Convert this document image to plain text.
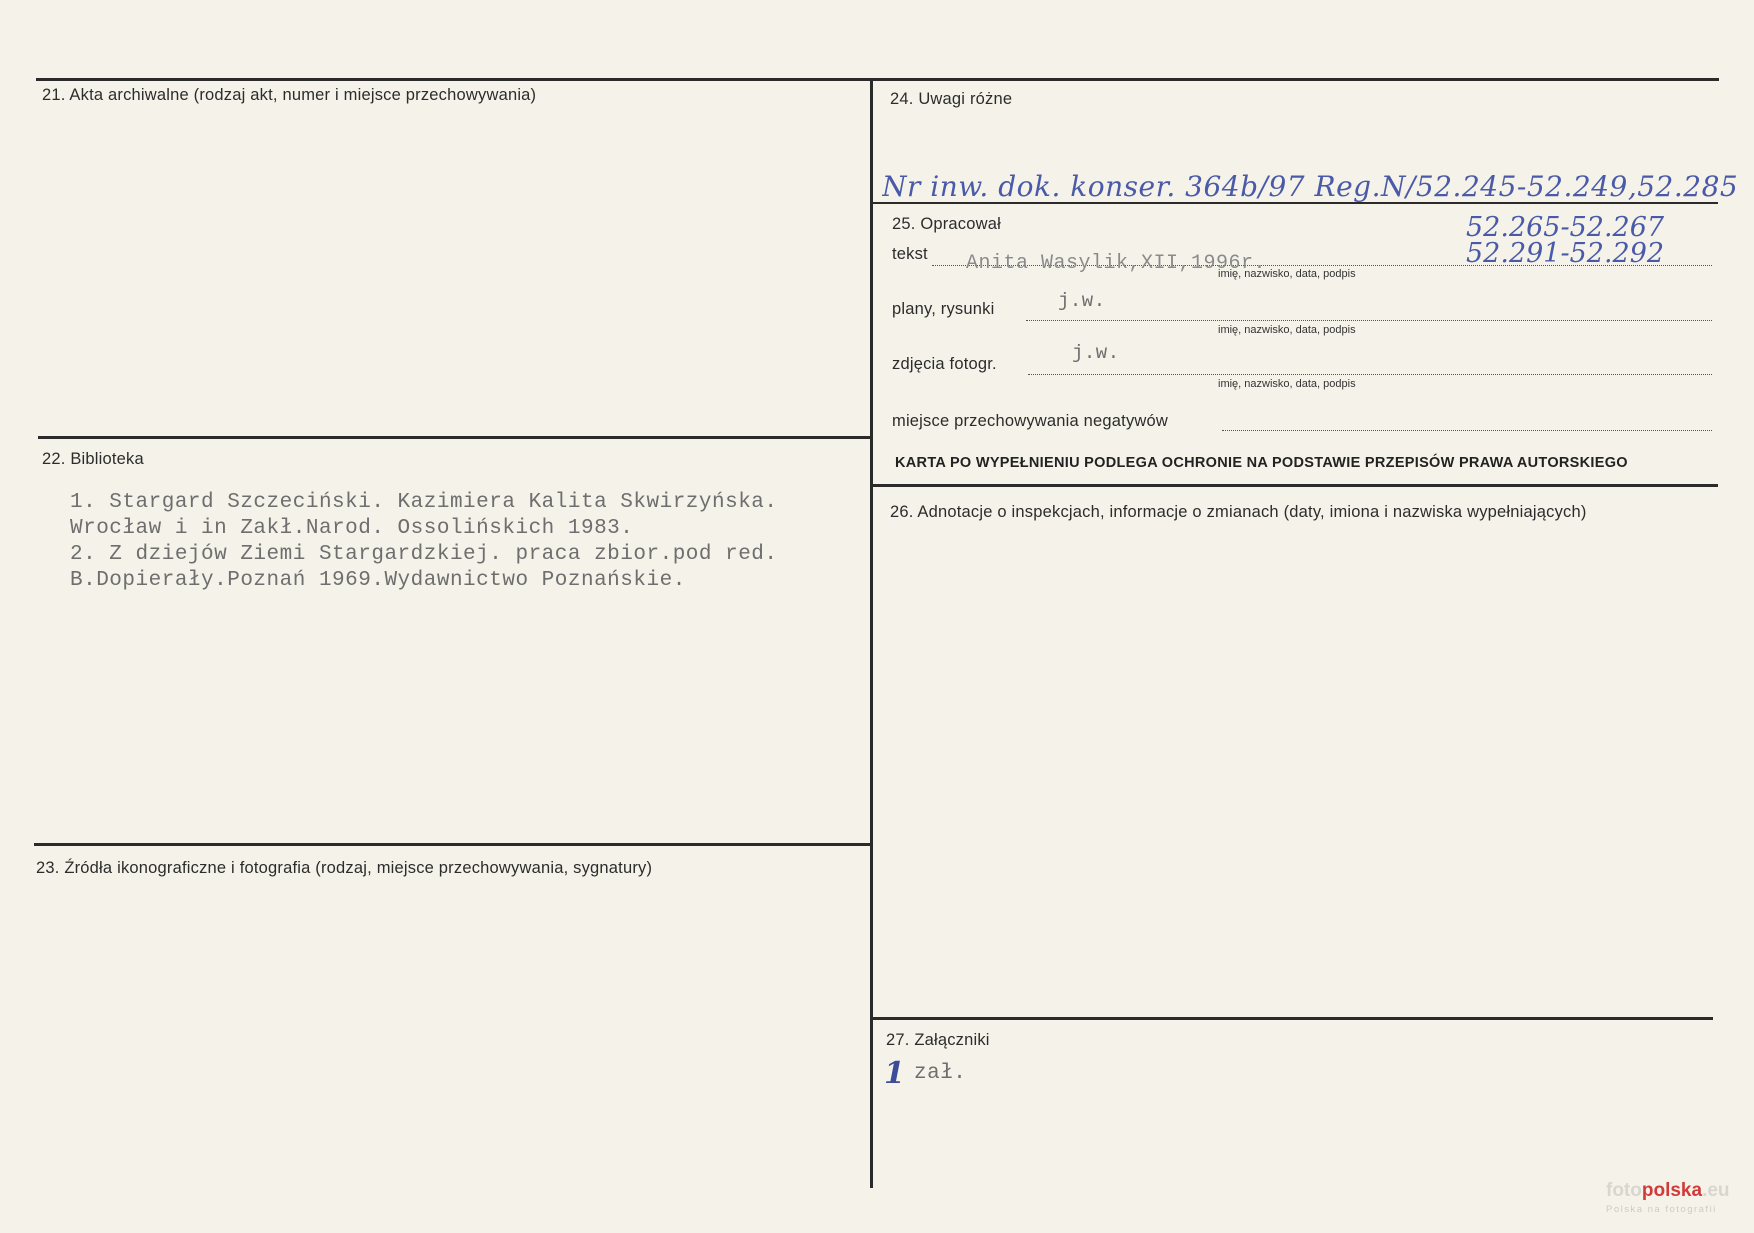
21. Akta archiwalne (rodzaj akt, numer i miejsce przechowywania)
22. Biblioteka
1. Stargard Szczeciński. Kazimiera Kalita Skwirzyńska.
Wrocław i in Zakł.Narod. Ossolińskich 1983.
2. Z dziejów Ziemi Stargardzkiej. praca zbior.pod red.
B.Dopierały.Poznań 1969.Wydawnictwo Poznańskie.
23. Źródła ikonograficzne i fotografia (rodzaj, miejsce przechowywania, sygnatury)
24. Uwagi różne
Nr inw. dok. konser. 364b/97 Reg.N/52.245-52.249,52.285
25. Opracował	52.265-52.267
52.291-52.292
tekst Anita Wasylik,XII,1996r.
imię, nazwisko, data, podpis
plany, rysunki	j.w.
imię, nazwisko, data, podpis
zdjęcia fotogr.	j.w.
imię, nazwisko, data, podpis
miejsce przechowywania negatywów
KARTA PO WYPEŁNIENIU PODLEGA OCHRONIE NA PODSTAWIE PRZEPISÓW PRAWA AUTORSKIEGO
26. Adnotacje o inspekcjach, informacje o zmianach (daty, imiona i nazwiska wypełniających)
27. Załączniki
1 zał.
fotopolska.eu
Polska na fotografii
